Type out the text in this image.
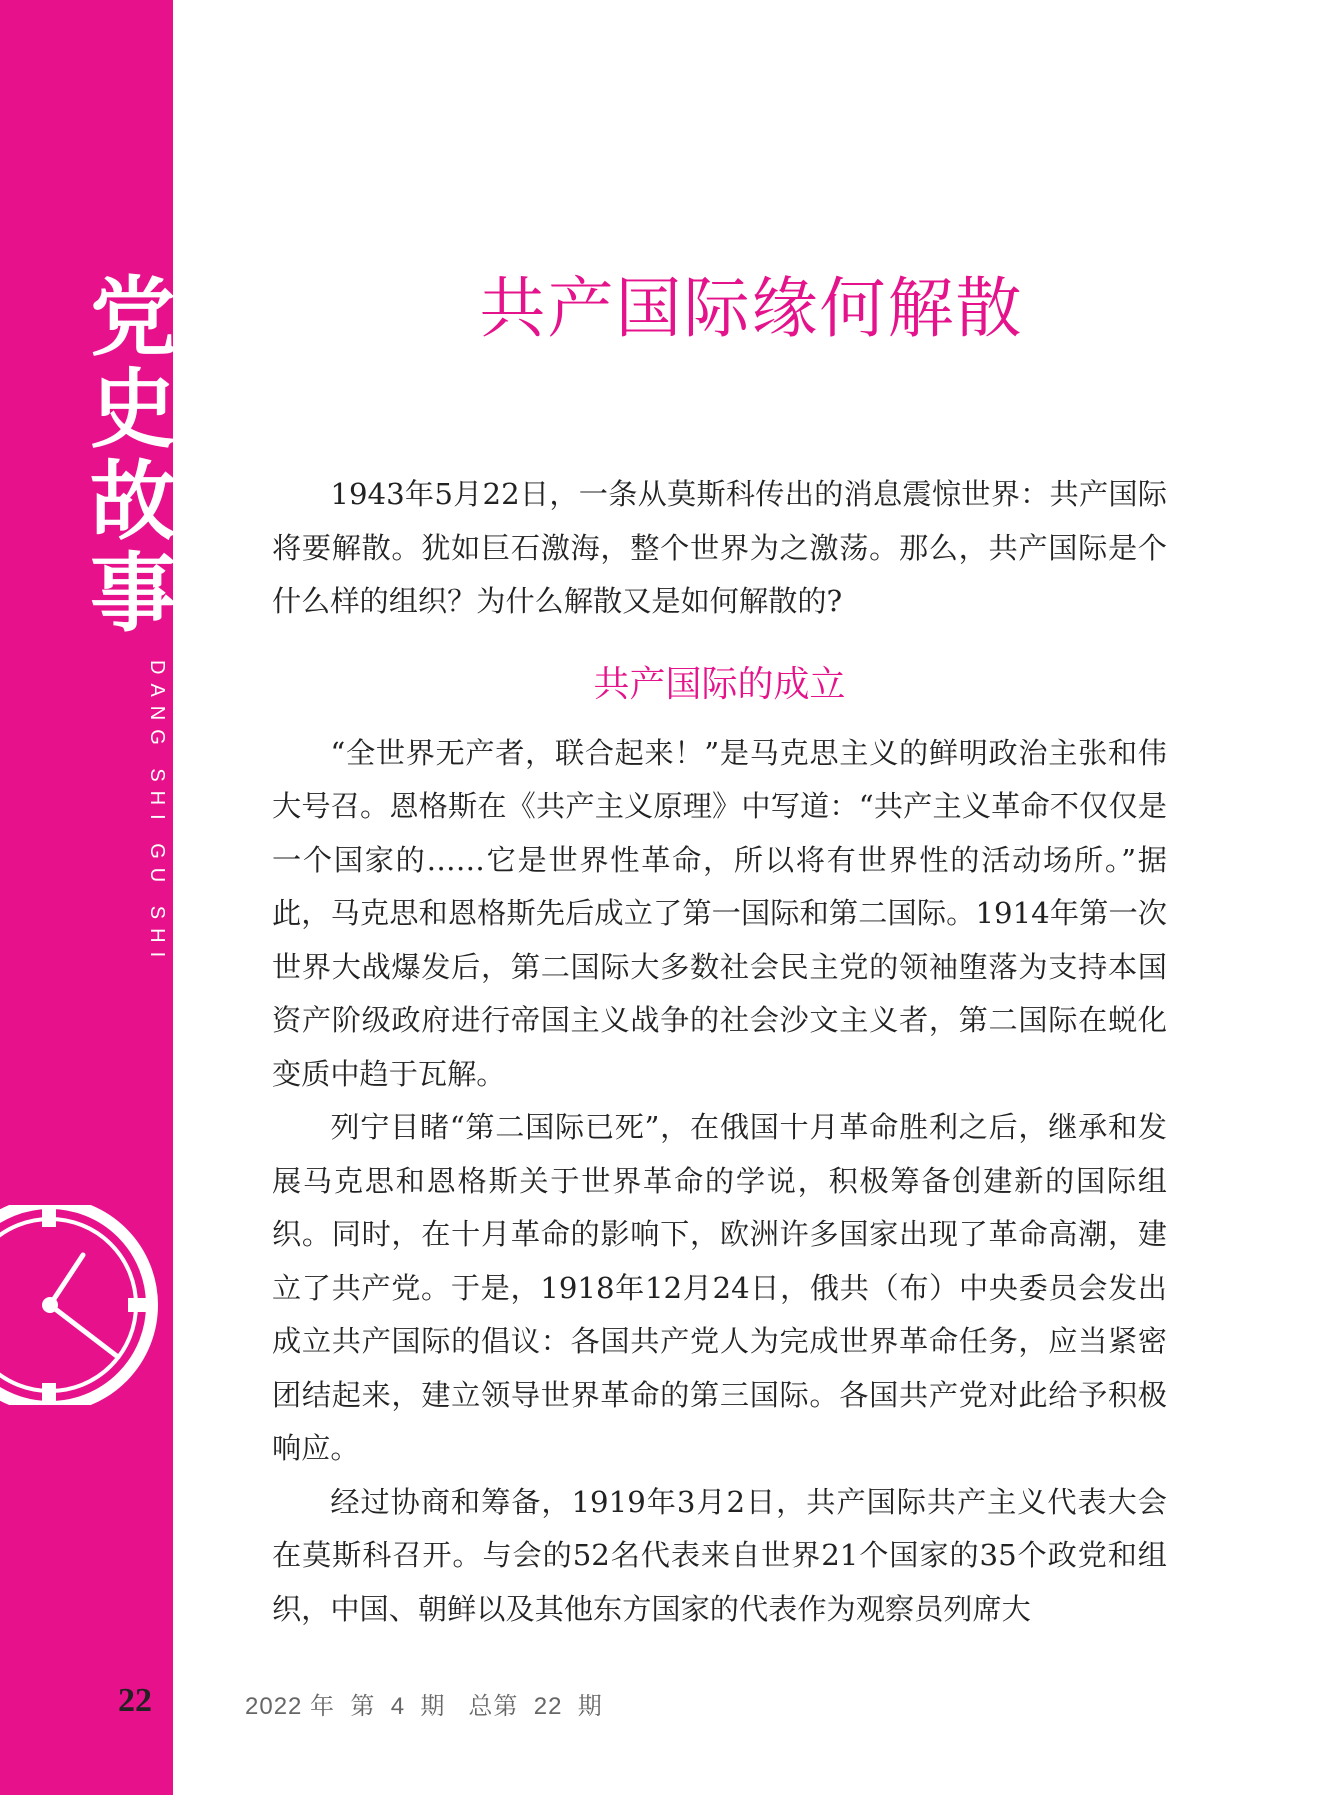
党
史
故
事
DANG SHI GU SHI
22	2022 年  第  4  期   总第  22  期
共产国际缘何解散

1943年5月22日，一条从莫斯科传出的消息震惊世界：共产国际将要解散。犹如巨石激海，整个世界为之激荡。那么，共产国际是个什么样的组织？为什么解散又是如何解散的?

共产国际的成立

“全世界无产者，联合起来！”是马克思主义的鲜明政治主张和伟大号召。恩格斯在《共产主义原理》中写道：“共产主义革命不仅仅是一个国家的……它是世界性革命，所以将有世界性的活动场所。”据此，马克思和恩格斯先后成立了第一国际和第二国际。1914年第一次世界大战爆发后，第二国际大多数社会民主党的领袖堕落为支持本国资产阶级政府进行帝国主义战争的社会沙文主义者，第二国际在蜕化变质中趋于瓦解。

列宁目睹“第二国际已死”，在俄国十月革命胜利之后，继承和发展马克思和恩格斯关于世界革命的学说，积极筹备创建新的国际组织。同时，在十月革命的影响下，欧洲许多国家出现了革命高潮，建立了共产党。于是，1918年12月24日，俄共（布）中央委员会发出成立共产国际的倡议：各国共产党人为完成世界革命任务，应当紧密团结起来，建立领导世界革命的第三国际。各国共产党对此给予积极响应。

经过协商和筹备，1919年3月2日，共产国际共产主义代表大会在莫斯科召开。与会的52名代表来自世界21个国家的35个政党和组织，中国、朝鲜以及其他东方国家的代表作为观察员列席大
